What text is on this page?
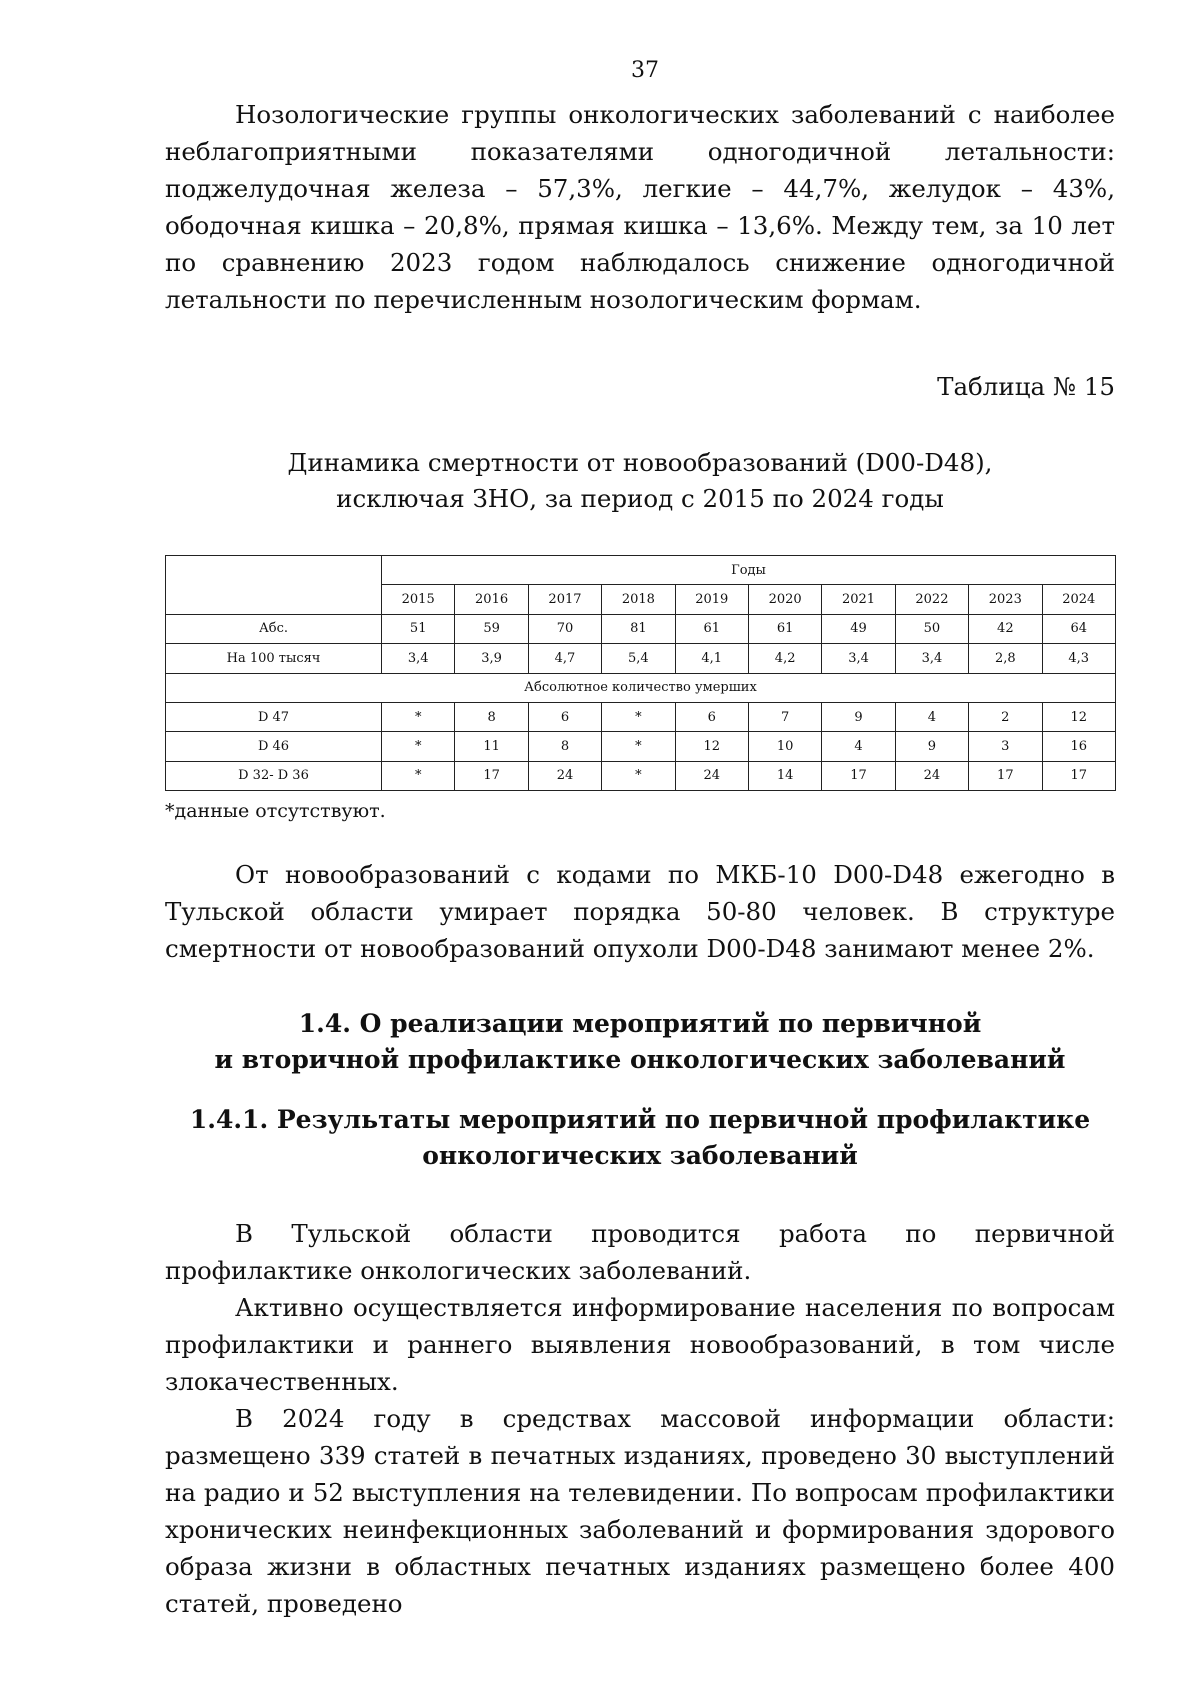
37

Нозологические группы онкологических заболеваний с наиболее неблагоприятными показателями одногодичной летальности: поджелудочная железа – 57,3%, легкие – 44,7%, желудок – 43%, ободочная кишка – 20,8%, прямая кишка – 13,6%. Между тем, за 10 лет по сравнению 2023 годом наблюдалось снижение одногодичной летальности по перечисленным нозологическим формам.

Таблица № 15
Динамика смертности от новообразований (D00-D48),
исключая ЗНО, за период с 2015 по 2024 годы
	Годы									
	2015	2016	2017	2018	2019	2020	2021	2022	2023	2024
Абс.	51	59	70	81	61	61	49	50	42	64
На 100 тысяч	3,4	3,9	4,7	5,4	4,1	4,2	3,4	3,4	2,8	4,3
Абсолютное количество умерших										
D 47	*	8	6	*	6	7	9	4	2	12
D 46	*	11	8	*	12	10	4	9	3	16
D 32- D 36	*	17	24	*	24	14	17	24	17	17
*данные отсутствуют.

От новообразований с кодами по МКБ-10 D00-D48 ежегодно в Тульской области умирает порядка 50-80 человек. В структуре смертности от новообразований опухоли D00-D48 занимают менее 2%.

1.4. О реализации мероприятий по первичной
и вторичной профилактике онкологических заболеваний
1.4.1. Результаты мероприятий по первичной профилактике
онкологических заболеваний

В Тульской области проводится работа по первичной профилактике онкологических заболеваний.

Активно осуществляется информирование населения по вопросам профилактики и раннего выявления новообразований, в том числе злокачественных.

В 2024 году в средствах массовой информации области: размещено 339 статей в печатных изданиях, проведено 30 выступлений на радио и 52 выступления на телевидении. По вопросам профилактики хронических неинфекционных заболеваний и формирования здорового образа жизни в областных печатных изданиях размещено более 400 статей, проведено
